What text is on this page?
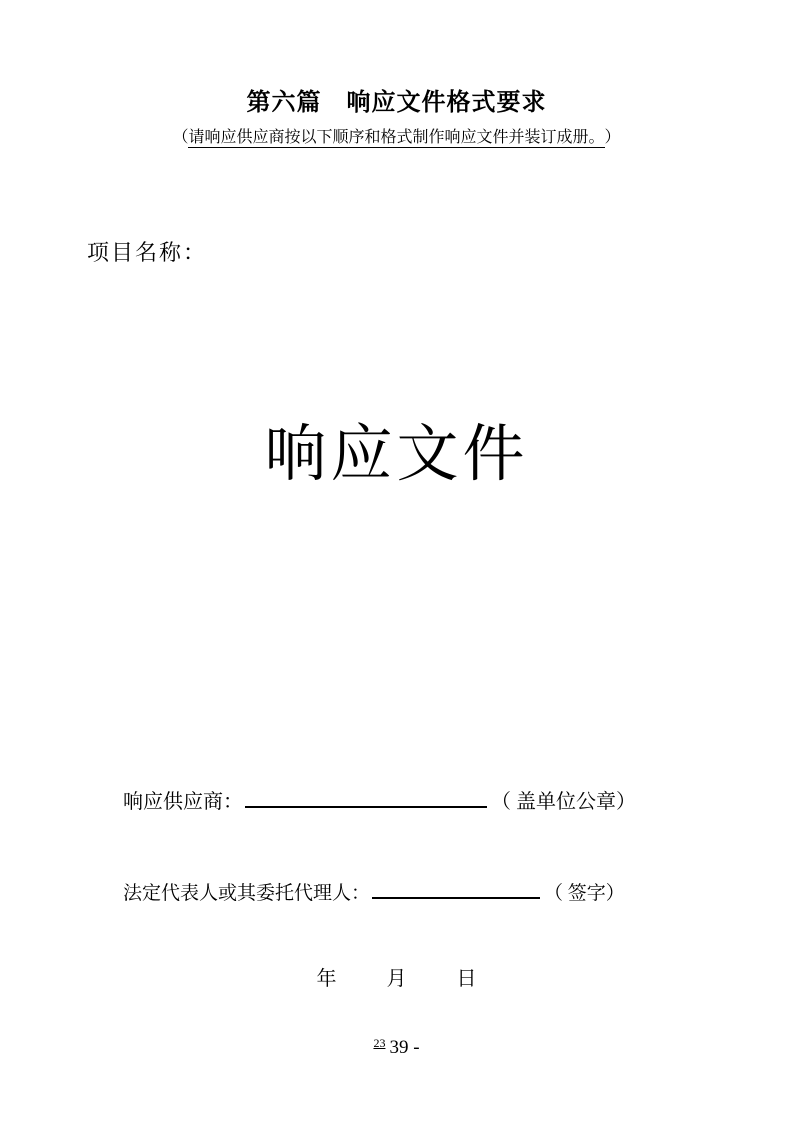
第六篇　响应文件格式要求
（请响应供应商按以下顺序和格式制作响应文件并装订成册。 ）
项目名称：
响应文件
响应供应商：	（ 盖单位公章）
法定代表人或其委托代理人：	（ 签字）
年	月	日
$^{23}$ 39 -
